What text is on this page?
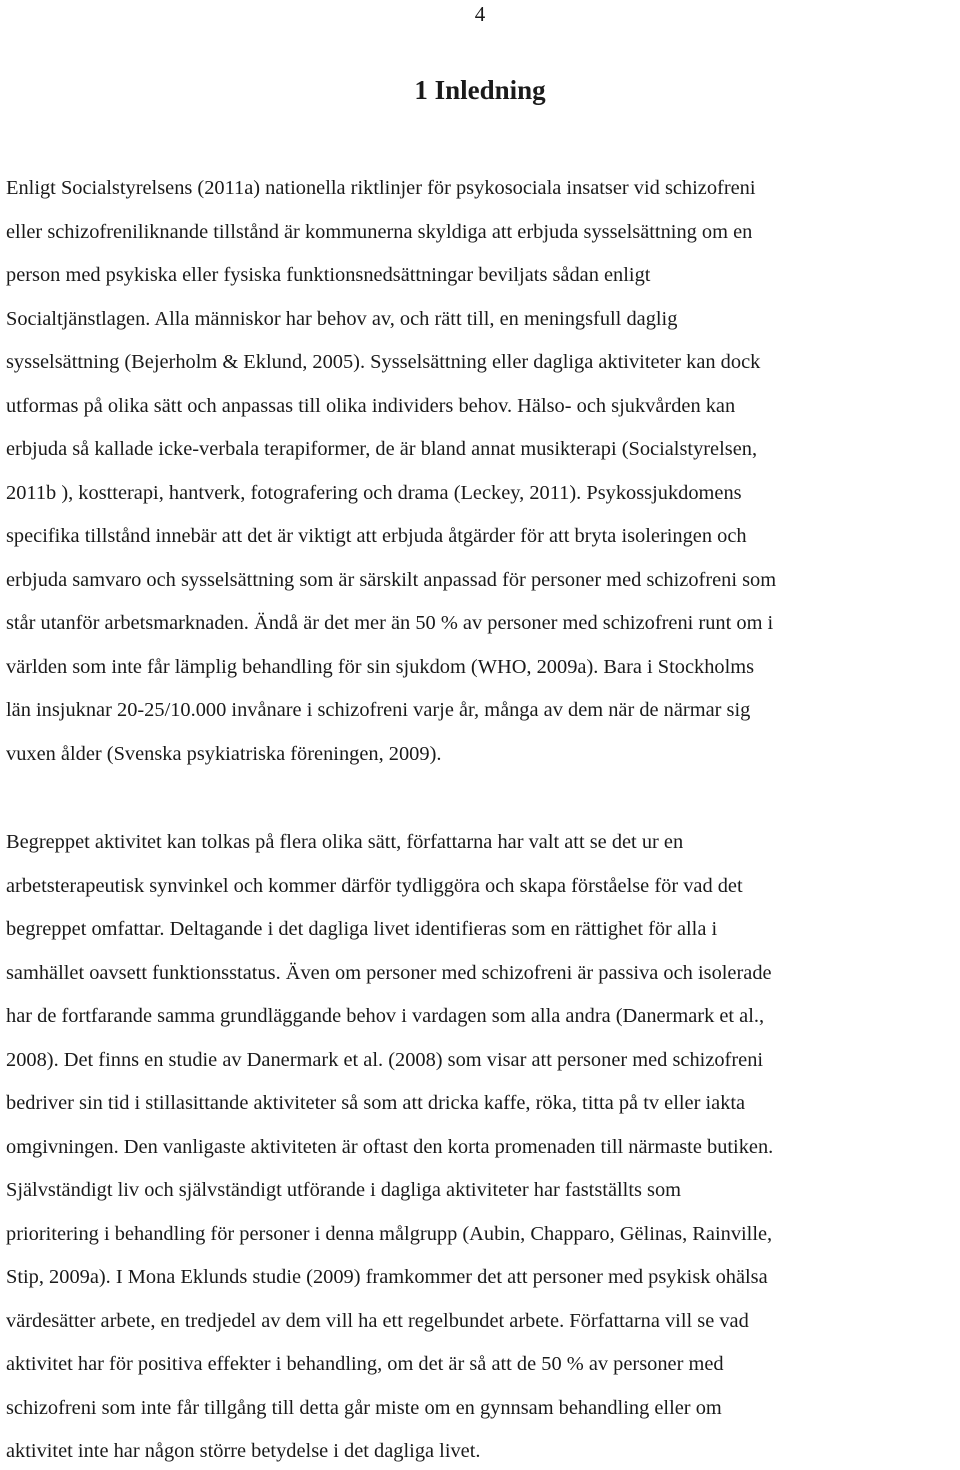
4
1 Inledning
Enligt Socialstyrelsens (2011a) nationella riktlinjer för psykosociala insatser vid schizofreni
eller schizofreniliknande tillstånd är kommunerna skyldiga att erbjuda sysselsättning om en
person med psykiska eller fysiska funktionsnedsättningar beviljats sådan enligt
Socialtjänstlagen. Alla människor har behov av, och rätt till, en meningsfull daglig
sysselsättning (Bejerholm & Eklund, 2005). Sysselsättning eller dagliga aktiviteter kan dock
utformas på olika sätt och anpassas till olika individers behov. Hälso- och sjukvården kan
erbjuda så kallade icke-verbala terapiformer, de är bland annat musikterapi (Socialstyrelsen,
2011b ), kostterapi, hantverk, fotografering och drama (Leckey, 2011). Psykossjukdomens
specifika tillstånd innebär att det är viktigt att erbjuda åtgärder för att bryta isoleringen och
erbjuda samvaro och sysselsättning som är särskilt anpassad för personer med schizofreni som
står utanför arbetsmarknaden. Ändå är det mer än 50 % av personer med schizofreni runt om i
världen som inte får lämplig behandling för sin sjukdom (WHO, 2009a). Bara i Stockholms
län insjuknar 20-25/10.000 invånare i schizofreni varje år, många av dem när de närmar sig
vuxen ålder (Svenska psykiatriska föreningen, 2009).
Begreppet aktivitet kan tolkas på flera olika sätt, författarna har valt att se det ur en
arbetsterapeutisk synvinkel och kommer därför tydliggöra och skapa förståelse för vad det
begreppet omfattar. Deltagande i det dagliga livet identifieras som en rättighet för alla i
samhället oavsett funktionsstatus. Även om personer med schizofreni är passiva och isolerade
har de fortfarande samma grundläggande behov i vardagen som alla andra (Danermark et al.,
2008). Det finns en studie av Danermark et al. (2008) som visar att personer med schizofreni
bedriver sin tid i stillasittande aktiviteter så som att dricka kaffe, röka, titta på tv eller iakta
omgivningen. Den vanligaste aktiviteten är oftast den korta promenaden till närmaste butiken.
Självständigt liv och självständigt utförande i dagliga aktiviteter har fastställts som
prioritering i behandling för personer i denna målgrupp (Aubin, Chapparo, Gëlinas, Rainville,
Stip, 2009a). I Mona Eklunds studie (2009) framkommer det att personer med psykisk ohälsa
värdesätter arbete, en tredjedel av dem vill ha ett regelbundet arbete. Författarna vill se vad
aktivitet har för positiva effekter i behandling, om det är så att de 50 % av personer med
schizofreni som inte får tillgång till detta går miste om en gynnsam behandling eller om
aktivitet inte har någon större betydelse i det dagliga livet.
